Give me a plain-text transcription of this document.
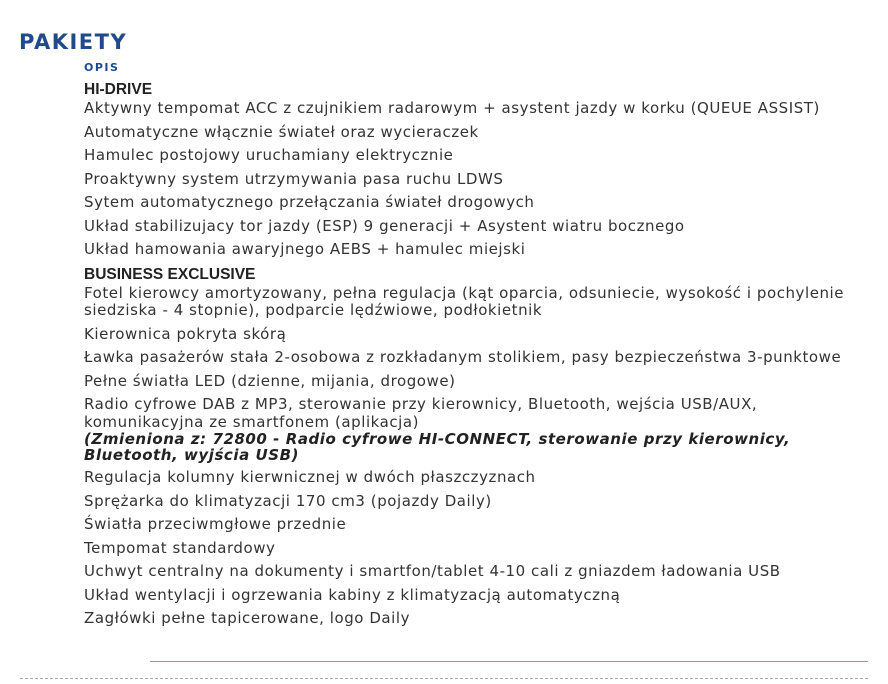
PAKIETY
OPIS
HI-DRIVE

Aktywny tempomat ACC z czujnikiem radarowym + asystent jazdy w korku (QUEUE ASSIST)

Automatyczne włącznie świateł oraz wycieraczek

Hamulec postojowy uruchamiany elektrycznie

Proaktywny system utrzymywania pasa ruchu LDWS

Sytem automatycznego przełączania świateł drogowych

Układ stabilizujacy tor jazdy (ESP) 9 generacji + Asystent wiatru bocznego

Układ hamowania awaryjnego AEBS + hamulec miejski

BUSINESS EXCLUSIVE

Fotel kierowcy amortyzowany, pełna regulacja (kąt oparcia, odsuniecie, wysokość i pochylenie siedziska - 4 stopnie), podparcie lędźwiowe, podłokietnik

Kierownica pokryta skórą

Ławka pasażerów stała 2-osobowa z rozkładanym stolikiem, pasy bezpieczeństwa 3-punktowe

Pełne światła LED (dzienne, mijania, drogowe)

Radio cyfrowe DAB z MP3, sterowanie przy kierownicy, Bluetooth, wejścia USB/AUX, komunikacyjna ze smartfonem (aplikacja)
(Zmieniona z: 72800 - Radio cyfrowe HI-CONNECT, sterowanie przy kierownicy, Bluetooth, wyjścia USB)

Regulacja kolumny kierwnicznej w dwóch płaszczyznach

Sprężarka do klimatyzacji 170 cm3 (pojazdy Daily)

Światła przeciwmgłowe przednie

Tempomat standardowy

Uchwyt centralny na dokumenty i smartfon/tablet 4-10 cali z gniazdem ładowania USB

Układ wentylacji i ogrzewania kabiny z klimatyzacją automatyczną

Zagłówki pełne tapicerowane, logo Daily
